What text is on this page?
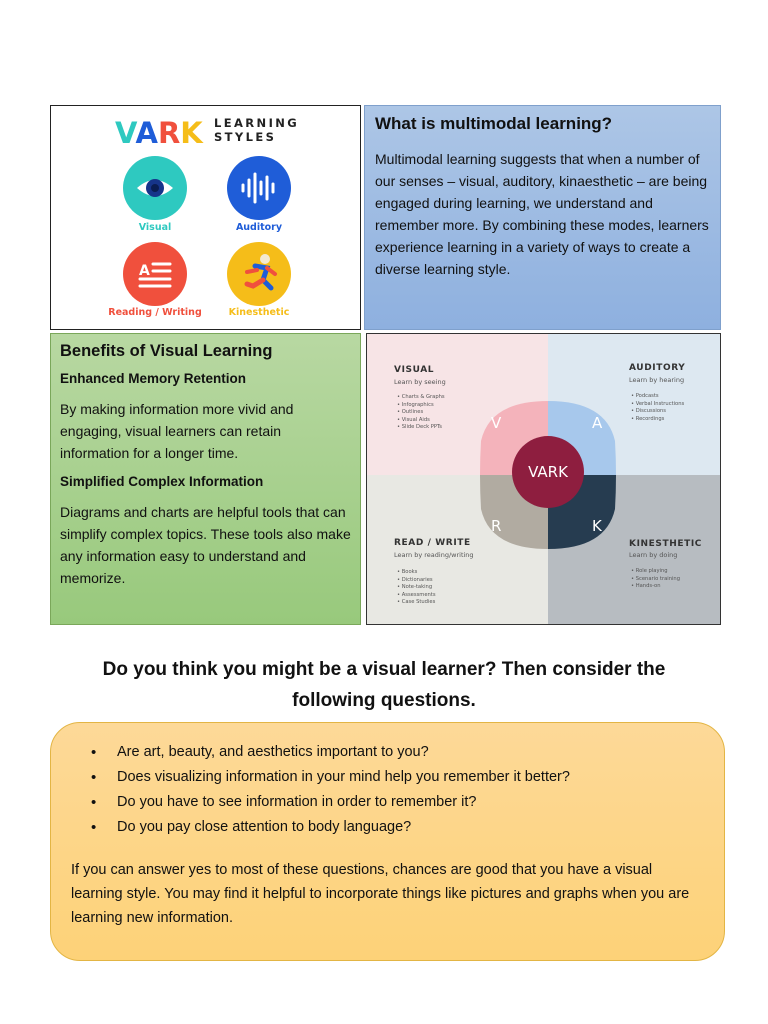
VARK LEARNING
STYLES
Visual	Auditory
A
Reading / Writing	Kinesthetic
What is multimodal learning?

Multimodal learning suggests that when a number of our senses – visual, auditory, kinaesthetic – are being engaged during learning, we understand and remember more. By combining these modes, learners experience learning in a variety of ways to create a diverse learning style.

Benefits of Visual Learning
Enhanced Memory Retention

By making information more vivid and engaging, visual learners can retain information for a longer time.

Simplified Complex Information

Diagrams and charts are helpful tools that can simplify complex topics. These tools also make any information easy to understand and memorize.

V	A
R	K
VARK
VISUAL
Learn by seeing
• Charts & Graphs
• Infographics
• Outlines
• Visual Aids
• Slide Deck PPTs
AUDITORY
Learn by hearing
• Podcasts
• Verbal Instructions
• Discussions
• Recordings
READ / WRITE
Learn by reading/writing
• Books
• Dictionaries
• Note-taking
• Assessments
• Case Studies
KINESTHETIC
Learn by doing
• Role playing
• Scenario training
• Hands-on
Do you think you might be a visual learner? Then consider the following questions.
• Are art, beauty, and aesthetics important to you?
• Does visualizing information in your mind help you remember it better?
• Do you have to see information in order to remember it?
• Do you pay close attention to body language?

If you can answer yes to most of these questions, chances are good that you have a visual learning style. You may find it helpful to incorporate things like pictures and graphs when you are learning new information.
